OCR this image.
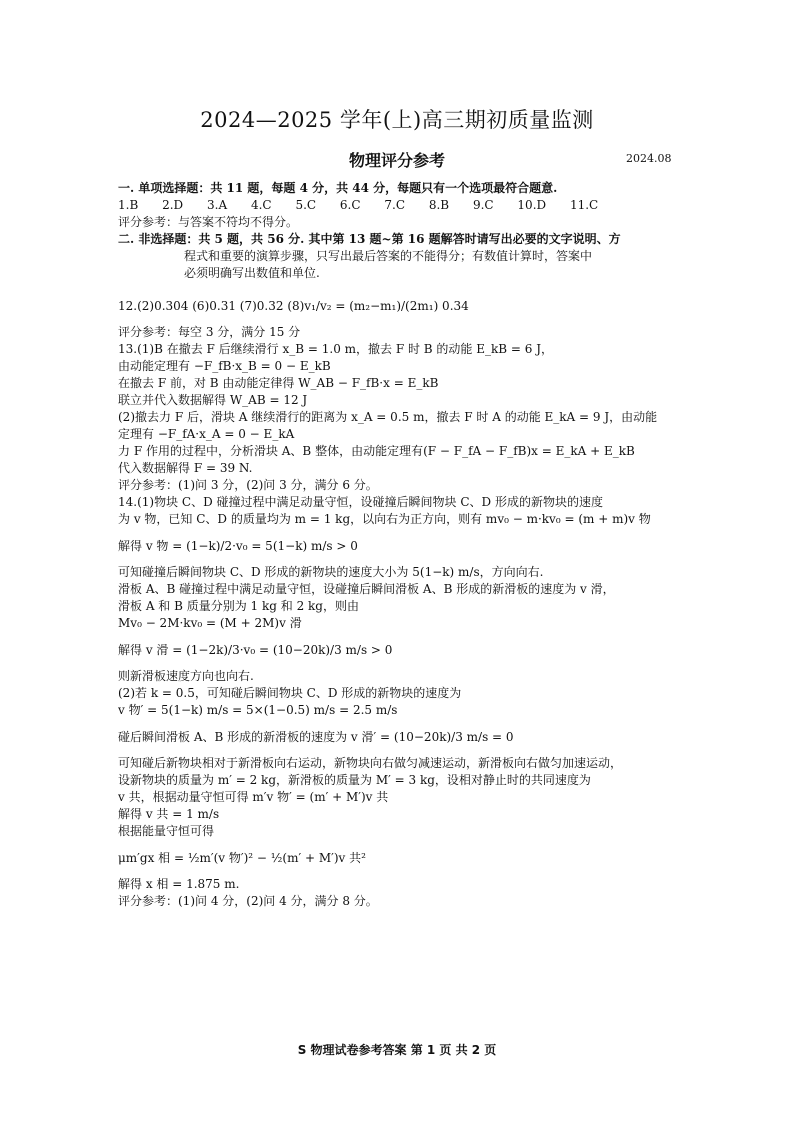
2024—2025 学年(上)高三期初质量监测
物理评分参考	2024.08
一. 单项选择题：共 11 题，每题 4 分，共 44 分，每题只有一个选项最符合题意.
1.B 2.D 3.A 4.C 5.C 6.C 7.C 8.B 9.C 10.D 11.C
评分参考：与答案不符均不得分。
二. 非选择题：共 5 题，共 56 分. 其中第 13 题~第 16 题解答时请写出必要的文字说明、方
程式和重要的演算步骤，只写出最后答案的不能得分；有数值计算时，答案中
必须明确写出数值和单位.
12.(2)0.304 (6)0.31 (7)0.32 (8)v₁/v₂ = (m₂−m₁)/(2m₁) 0.34
评分参考：每空 3 分，满分 15 分
13.(1)B 在撤去 F 后继续滑行 x_B = 1.0 m，撤去 F 时 B 的动能 E_kB = 6 J，
由动能定理有 −F_fB·x_B = 0 − E_kB
在撤去 F 前，对 B 由动能定律得 W_AB − F_fB·x = E_kB
联立并代入数据解得 W_AB = 12 J
(2)撤去力 F 后，滑块 A 继续滑行的距离为 x_A = 0.5 m，撤去 F 时 A 的动能 E_kA = 9 J，由动能
定理有 −F_fA·x_A = 0 − E_kA
力 F 作用的过程中，分析滑块 A、B 整体，由动能定理有(F − F_fA − F_fB)x = E_kA + E_kB
代入数据解得 F = 39 N.
评分参考：(1)问 3 分，(2)问 3 分，满分 6 分。
14.(1)物块 C、D 碰撞过程中满足动量守恒，设碰撞后瞬间物块 C、D 形成的新物块的速度
为 v 物，已知 C、D 的质量均为 m = 1 kg，以向右为正方向，则有 mv₀ − m·kv₀ = (m + m)v 物
解得 v 物 = (1−k)/2·v₀ = 5(1−k) m/s > 0
可知碰撞后瞬间物块 C、D 形成的新物块的速度大小为 5(1−k) m/s，方向向右.
滑板 A、B 碰撞过程中满足动量守恒，设碰撞后瞬间滑板 A、B 形成的新滑板的速度为 v 滑，
滑板 A 和 B 质量分别为 1 kg 和 2 kg，则由
Mv₀ − 2M·kv₀ = (M + 2M)v 滑
解得 v 滑 = (1−2k)/3·v₀ = (10−20k)/3 m/s > 0
则新滑板速度方向也向右.
(2)若 k = 0.5，可知碰后瞬间物块 C、D 形成的新物块的速度为
v 物′ = 5(1−k) m/s = 5×(1−0.5) m/s = 2.5 m/s
碰后瞬间滑板 A、B 形成的新滑板的速度为 v 滑′ = (10−20k)/3 m/s = 0
可知碰后新物块相对于新滑板向右运动，新物块向右做匀减速运动，新滑板向右做匀加速运动，
设新物块的质量为 m′ = 2 kg，新滑板的质量为 M′ = 3 kg，设相对静止时的共同速度为
v 共，根据动量守恒可得 m′v 物′ = (m′ + M′)v 共
解得 v 共 = 1 m/s
根据能量守恒可得
μm′gx 相 = ½m′(v 物′)² − ½(m′ + M′)v 共²
解得 x 相 = 1.875 m.
评分参考：(1)问 4 分，(2)问 4 分，满分 8 分。
S 物理试卷参考答案 第 1 页 共 2 页
